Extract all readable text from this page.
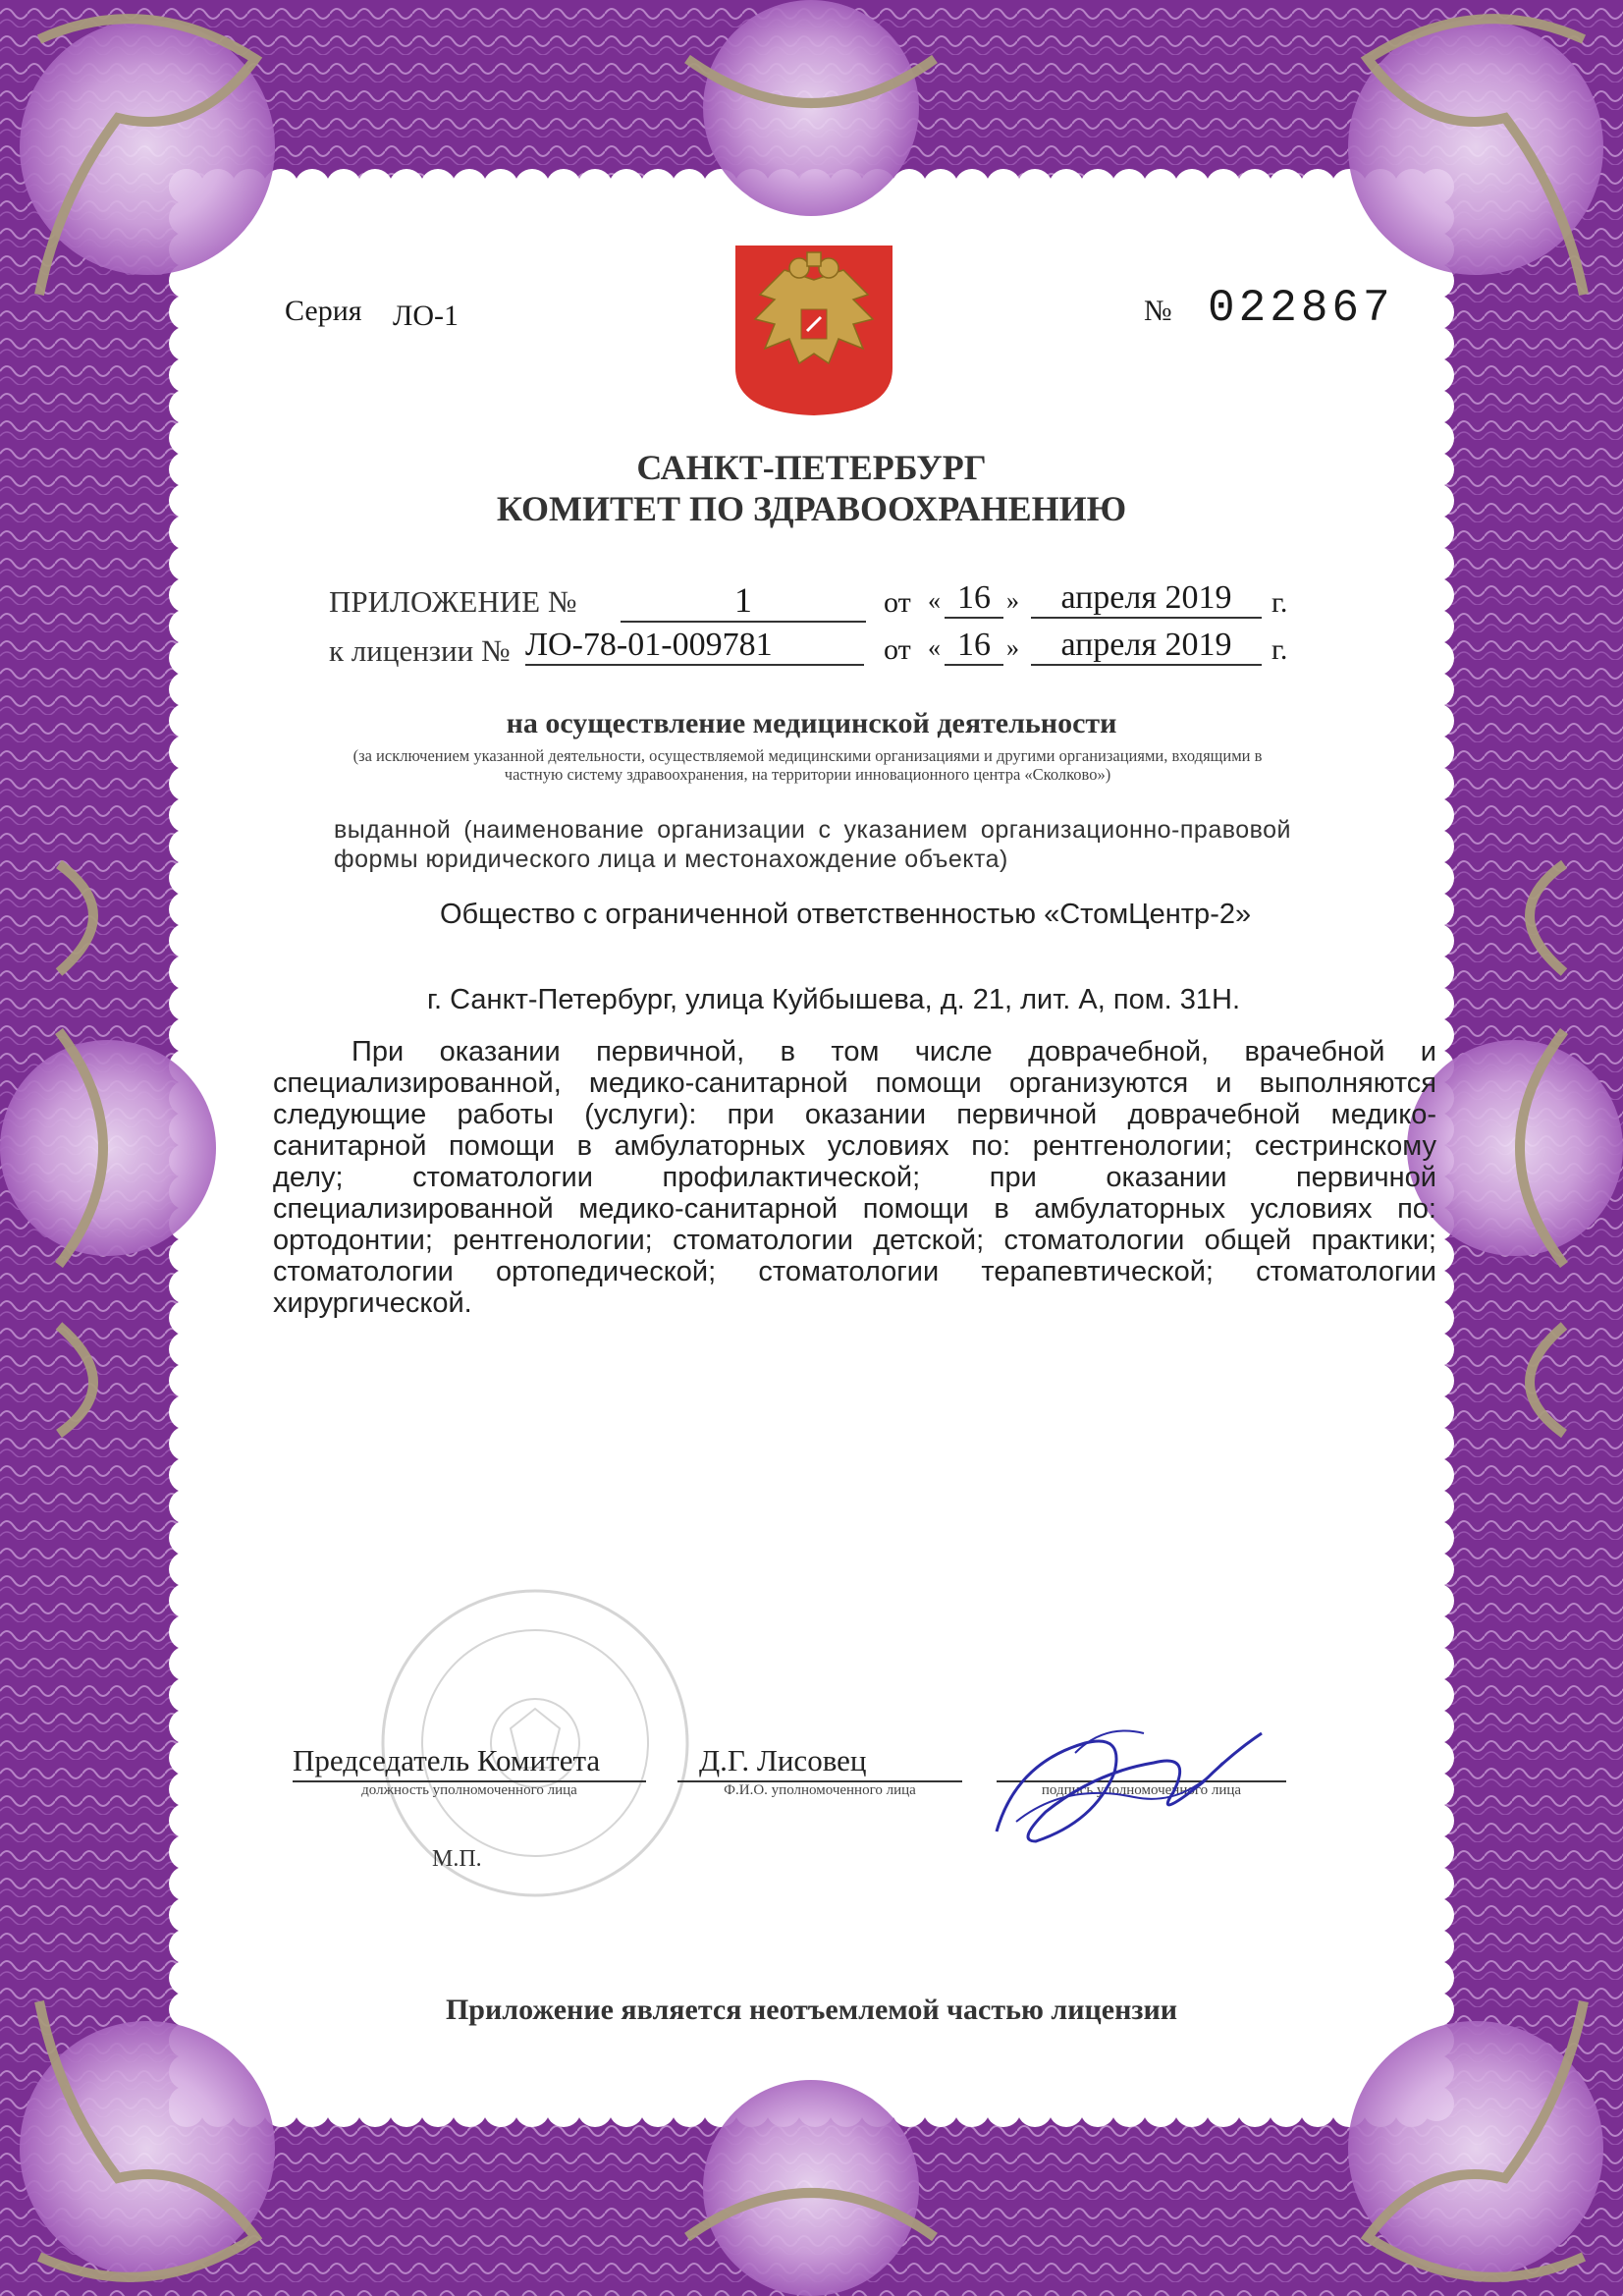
Серия ЛО-1	№ 022867
САНКТ-ПЕТЕРБУРГ
КОМИТЕТ ПО ЗДРАВООХРАНЕНИЮ
ПРИЛОЖЕНИЕ №	1	от « 16 »	апреля 2019	г.
к лицензии № ЛО-78-01-009781	от « 16 »	апреля 2019	г.
на осуществление медицинской деятельности
(за исключением указанной деятельности, осуществляемой медицинскими организациями и другими организациями, входящими в частную систему здравоохранения, на территории инновационного центра «Сколково»)
выданной (наименование организации с указанием организационно-правовой формы юридического лица и местонахождение объекта)
Общество с ограниченной ответственностью «СтомЦентр-2»
г. Санкт-Петербург, улица Куйбышева, д. 21, лит. А, пом. 31Н.
При оказании первичной, в том числе доврачебной, врачебной и специализированной, медико-санитарной помощи организуются и выполняются следующие работы (услуги): при оказании первичной доврачебной медико-санитарной помощи в амбулаторных условиях по: рентгенологии; сестринскому делу; стоматологии профилактической; при оказании первичной специализированной медико-санитарной помощи в амбулаторных условиях по: ортодонтии; рентгенологии; стоматологии детской; стоматологии общей практики; стоматологии ортопедической; стоматологии терапевтической; стоматологии хирургической.
Председатель Комитета
должность уполномоченного лица
Д.Г. Лисовец
Ф.И.О. уполномоченного лица	подпись уполномоченного лица
М.П.
Приложение является неотъемлемой частью лицензии
